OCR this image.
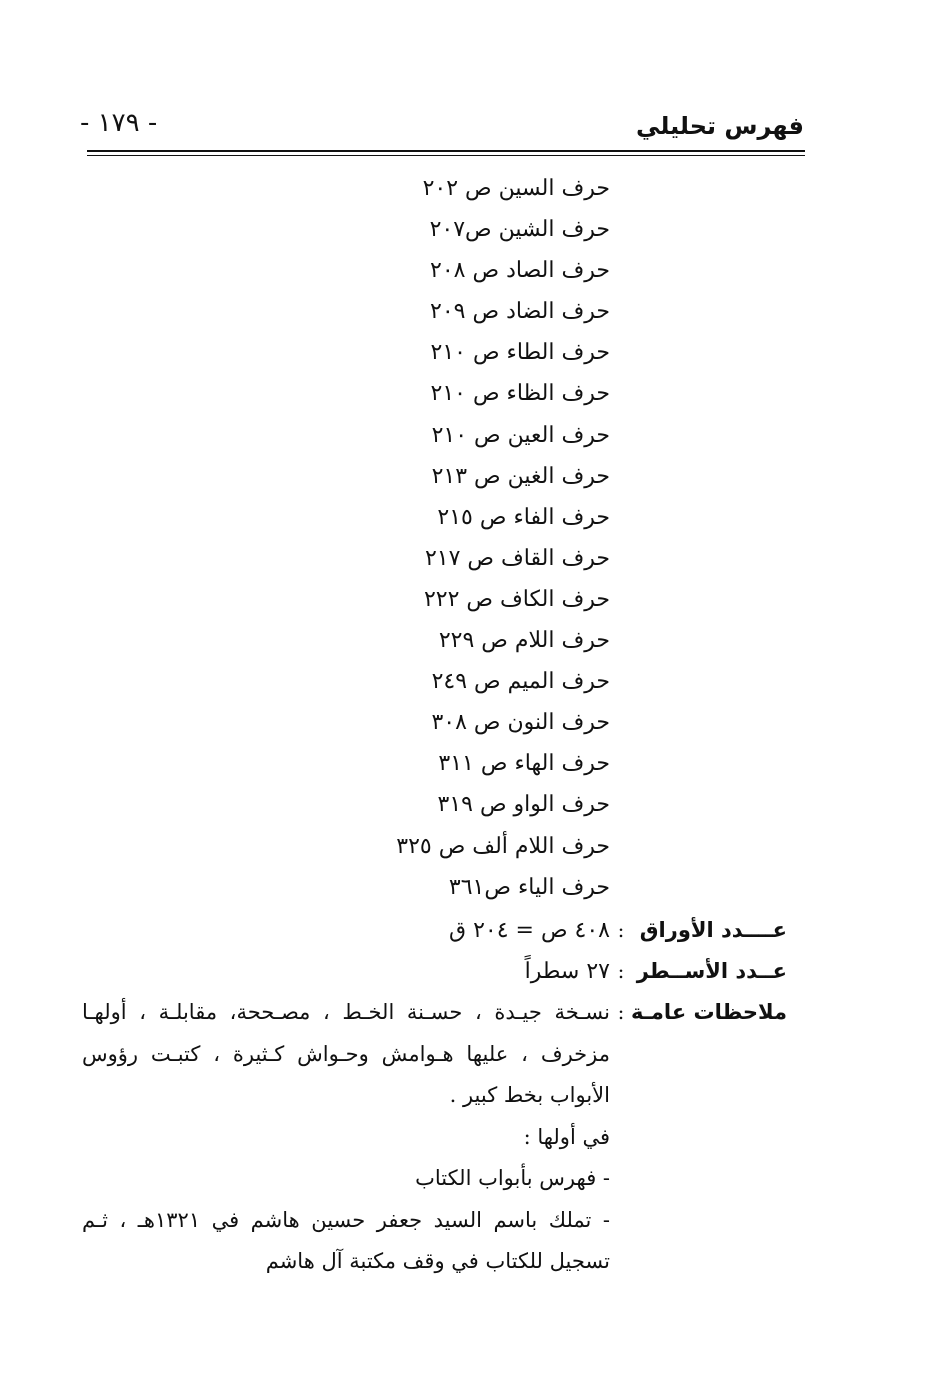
- ١٧٩ -	فهرس تحليلي
حرف السين ص ٢٠٢
حرف الشين ص٢٠٧
حرف الصاد ص ٢٠٨
حرف الضاد ص ٢٠٩
حرف الطاء ص ٢١٠
حرف الظاء ص ٢١٠
حرف العين ص ٢١٠
حرف الغين ص ٢١٣
حرف الفاء ص ٢١٥
حرف القاف ص ٢١٧
حرف الكاف ص ٢٢٢
حرف اللام ص ٢٢٩
حرف الميم ص ٢٤٩
حرف النون ص ٣٠٨
حرف الهاء ص ٣١١
حرف الواو ص ٣١٩
حرف اللام ألف ص ٣٢٥
حرف الياء ص٣٦١
عــــدد الأوراق
:
٤٠٨ ص = ٢٠٤ ق
عــدد الأســطر
:
٢٧ سطراً
ملاحظات عامـة
:
نسـخة جيـدة ، حسـنة الخـط ، مصـححة، مقابلـة ، أولهـا
مزخرف ، عليها هـوامش وحـواش كـثيرة ، كتبـت رؤوس
الأبواب بخط كبير .
في أولها :
- فهرس بأبواب الكتاب
- تملك باسم السيد جعفر حسين هاشم في ١٣٢١هـ ، ثـم
تسجيل للكتاب في وقف مكتبة آل هاشم
